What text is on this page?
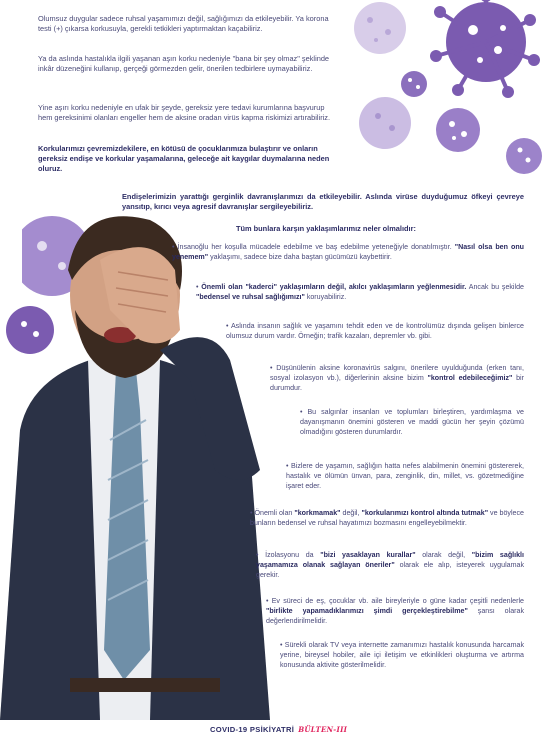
Olumsuz duygular sadece ruhsal yaşamımızı değil, sağlığımızı da etkileyebilir. Ya korona testi (+) çıkarsa korkusuyla, gerekli tetkikleri yaptırmaktan kaçabiliriz.
Ya da aslında hastalıkla ilgili yaşanan aşırı korku nedeniyle "bana bir şey olmaz" şeklinde inkâr düzeneğini kullanıp, gerçeği görmezden gelir, önerilen tedbirlere uymayabiliriz.
Yine aşırı korku nedeniyle en ufak bir şeyde, gereksiz yere tedavi kurumlarına başvurup hem gereksinimi olanları engeller hem de aksine oradan virüs kapma riskimizi artırabiliriz.
Korkularımızı çevremizdekilere, en kötüsü de çocuklarımıza bulaştırır ve onların gereksiz endişe ve korkular yaşamalarına, geleceğe ait kaygılar duymalarına neden oluruz.
Endişelerimizin yarattığı gerginlik davranışlarımızı da etkileyebilir. Aslında virüse duyduğumuz öfkeyi çevreye yansıtıp, kırıcı veya agresif davranışlar sergileyebiliriz.
Tüm bunlara karşın yaklaşımlarımız neler olmalıdır:
• İnsanoğlu her koşulla mücadele edebilme ve baş edebilme yeteneğiyle donatılmıştır. "Nasıl olsa ben onu yenemem" yaklaşımı, sadece bize daha baştan gücümüzü kaybettirir.
• Önemli olan "kaderci" yaklaşımların değil, akılcı yaklaşımların yeğlenmesidir. Ancak bu şekilde "bedensel ve ruhsal sağlığımızı" koruyabiliriz.
• Aslında insanın sağlık ve yaşamını tehdit eden ve de kontrolümüz dışında gelişen binlerce olumsuz durum vardır. Örneğin; trafik kazaları, depremler vb. gibi.
• Düşünülenin aksine koronavirüs salgını, önerilere uyulduğunda (erken tanı, sosyal izolasyon vb.), diğerlerinin aksine bizim "kontrol edebileceğimiz" bir durumdur.
• Bu salgınlar insanları ve toplumları birleştiren, yardımlaşma ve dayanışmanın önemini gösteren ve maddi gücün her şeyin çözümü olmadığını gösteren durumlardır.
• Bizlere de yaşamın, sağlığın hatta nefes alabilmenin önemini göstererek, hastalık ve ölümün ünvan, para, zenginlik, din, millet, vs. gözetmediğine işaret eder.
• Önemli olan "korkmamak" değil, "korkularımızı kontrol altında tutmak" ve böylece bunların bedensel ve ruhsal hayatımızı bozmasını engelleyebilmektir.
• İzolasyonu da "bizi yasaklayan kurallar" olarak değil, "bizim sağlıklı yaşamamıza olanak sağlayan öneriler" olarak ele alıp, isteyerek uygulamak gerekir.
• Ev süreci de eş, çocuklar vb. aile bireyleriyle o güne kadar çeşitli nedenlerle "birlikte yapamadıklarımızı şimdi gerçekleştirebilme" şansı olarak değerlendirilmelidir.
• Sürekli olarak TV veya internette zamanımızı hastalık konusunda harcamak yerine, bireysel hobiler, aile içi iletişim ve etkinlikleri oluşturma ve artırma konusunda aktivite gösterilmelidir.
COVID-19 PSİKİYATRİ BÜLTEN-III
